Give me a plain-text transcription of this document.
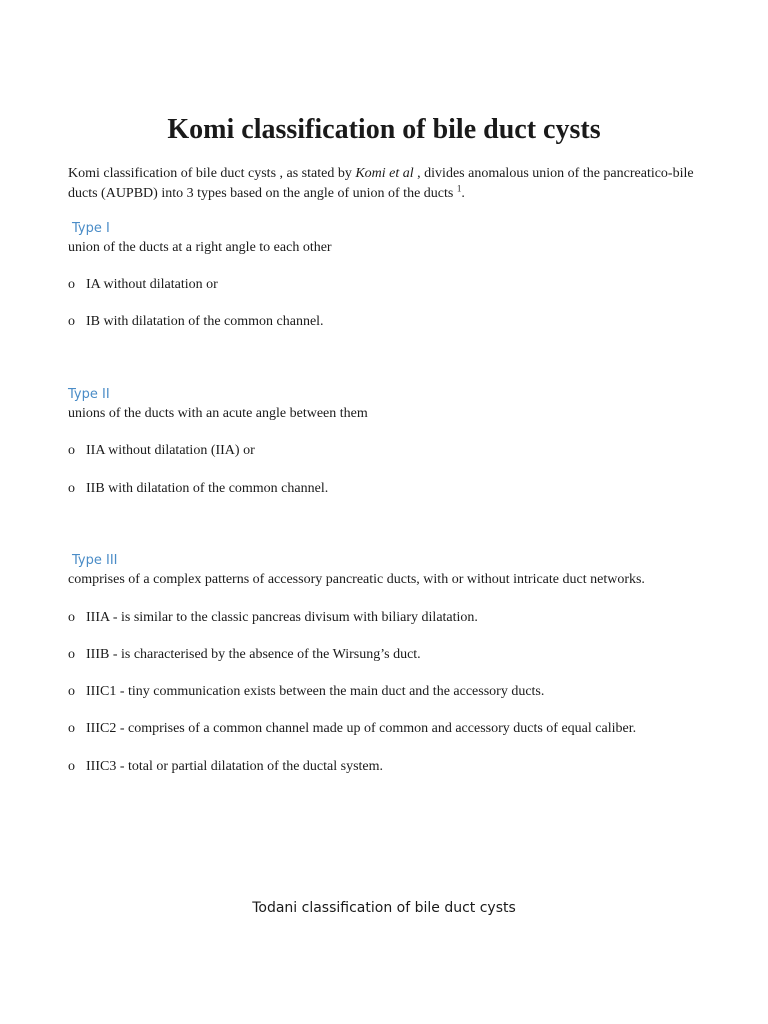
Komi classification of bile duct cysts

Komi classification of bile duct cysts , as stated by Komi et al , divides anomalous union of the pancreatico-bile ducts (AUPBD) into 3 types based on the angle of union of the ducts $^1$.

Type I

union of the ducts at a right angle to each other

o IA without dilatation or

o IB with dilatation of the common channel.

Type II

unions of the ducts with an acute angle between them

o IIA without dilatation (IIA) or

o IIB with dilatation of the common channel.

Type III

comprises of a complex patterns of accessory pancreatic ducts, with or without intricate duct networks.

o IIIA - is similar to the classic pancreas divisum with biliary dilatation.

o IIIB - is characterised by the absence of the Wirsung’s duct.

o IIIC1 - tiny communication exists between the main duct and the accessory ducts.

o IIIC2 - comprises of a common channel made up of common and accessory ducts of equal caliber.

o IIIC3 - total or partial dilatation of the ductal system.

Todani classification of bile duct cysts
